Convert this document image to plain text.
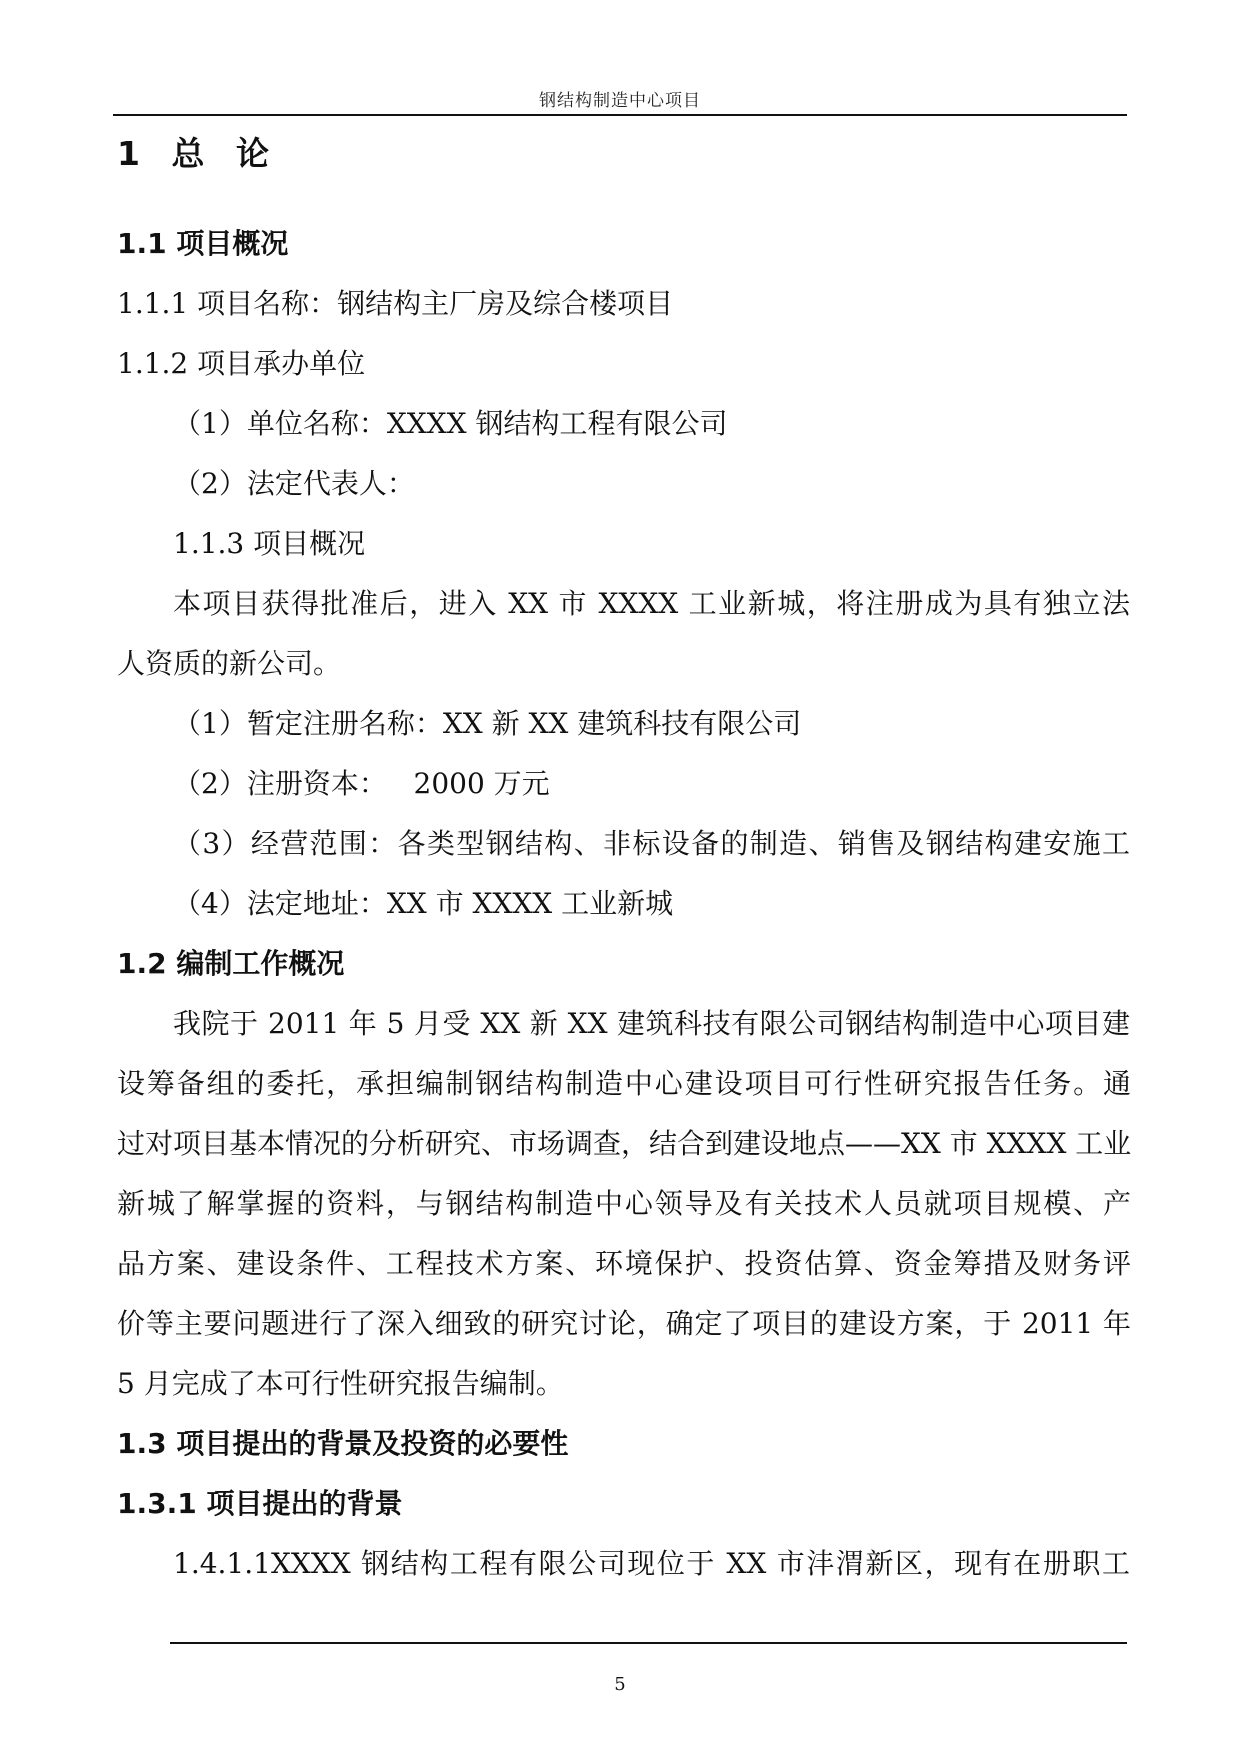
钢结构制造中心项目
1 总 论
1.1 项目概况
1.1.1 项目名称：钢结构主厂房及综合楼项目
1.1.2 项目承办单位
（1）单位名称：XXXX 钢结构工程有限公司
（2）法定代表人：
1.1.3 项目概况
本项目获得批准后，进入 XX 市 XXXX 工业新城，将注册成为具有独立法
人资质的新公司。
（1）暂定注册名称：XX 新 XX 建筑科技有限公司
（2）注册资本：   2000 万元
（3）经营范围：各类型钢结构、非标设备的制造、销售及钢结构建安施工
（4）法定地址：XX 市 XXXX 工业新城
1.2 编制工作概况
我院于 2011 年 5 月受 XX 新 XX 建筑科技有限公司钢结构制造中心项目建
设筹备组的委托，承担编制钢结构制造中心建设项目可行性研究报告任务。通
过对项目基本情况的分析研究、市场调查，结合到建设地点——XX 市 XXXX 工业
新城了解掌握的资料，与钢结构制造中心领导及有关技术人员就项目规模、产
品方案、建设条件、工程技术方案、环境保护、投资估算、资金筹措及财务评
价等主要问题进行了深入细致的研究讨论，确定了项目的建设方案，于 2011 年
5 月完成了本可行性研究报告编制。
1.3 项目提出的背景及投资的必要性
1.3.1 项目提出的背景
1.4.1.1XXXX 钢结构工程有限公司现位于 XX 市沣渭新区，现有在册职工
5
